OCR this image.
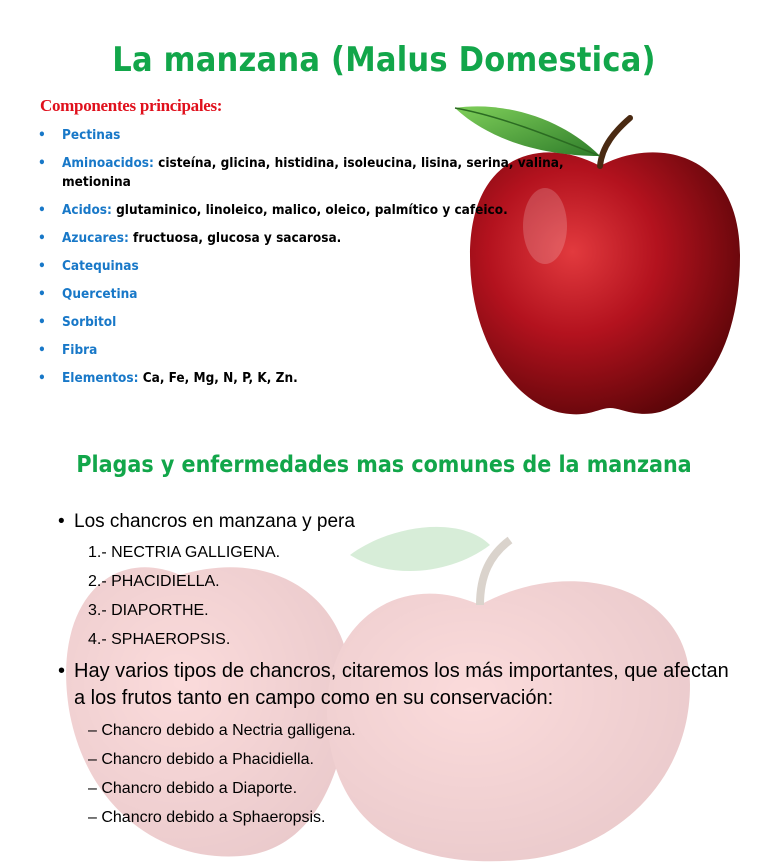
La manzana (Malus Domestica)
Componentes principales:
• Pectinas
• Aminoacidos: cisteína, glicina, histidina, isoleucina, lisina, serina, valina, metionina
• Acidos: glutaminico, linoleico, malico, oleico, palmítico y cafeico.
• Azucares: fructuosa, glucosa y sacarosa.
• Catequinas
• Quercetina
• Sorbitol
• Fibra
• Elementos: Ca, Fe, Mg, N, P, K, Zn.
Plagas y enfermedades mas comunes de la manzana
• Los chancros en manzana y pera
1.- NECTRIA GALLIGENA.
2.- PHACIDIELLA.
3.- DIAPORTHE.
4.- SPHAEROPSIS.
• Hay varios tipos de chancros, citaremos los más importantes, que afectan a los frutos tanto en campo como en su conservación:
– Chancro debido a Nectria galligena.
– Chancro debido a Phacidiella.
– Chancro debido a Diaporte.
– Chancro debido a Sphaeropsis.
